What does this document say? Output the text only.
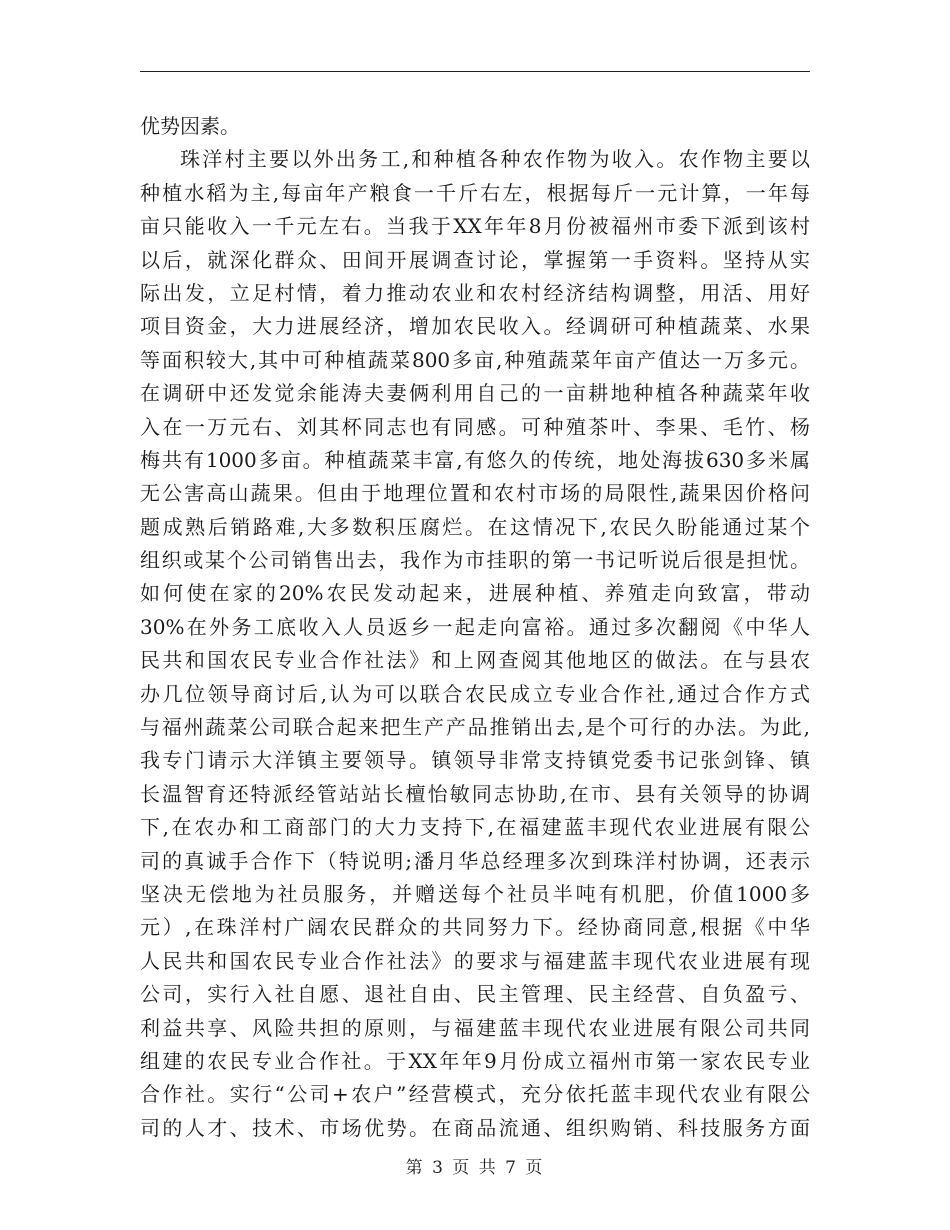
优势因素。
珠洋村主要以外出务工,和种植各种农作物为收入。农作物主要以
种植水稻为主,每亩年产粮食一千斤右左，根据每斤一元计算，一年每
亩只能收入一千元左右。当我于XX年年8月份被福州市委下派到该村
以后，就深化群众、田间开展调查讨论，掌握第一手资料。坚持从实
际出发，立足村情，着力推动农业和农村经济结构调整，用活、用好
项目资金，大力进展经济，增加农民收入。经调研可种植蔬菜、水果
等面积较大,其中可种植蔬菜800多亩,种殖蔬菜年亩产值达一万多元。
在调研中还发觉余能涛夫妻俩利用自己的一亩耕地种植各种蔬菜年收
入在一万元右、刘其杯同志也有同感。可种殖茶叶、李果、毛竹、杨
梅共有1000多亩。种植蔬菜丰富,有悠久的传统，地处海拔630多米属
无公害高山蔬果。但由于地理位置和农村市场的局限性,蔬果因价格问
题成熟后销路难,大多数积压腐烂。在这情况下,农民久盼能通过某个
组织或某个公司销售出去，我作为市挂职的第一书记听说后很是担忧。
如何使在家的20%农民发动起来，进展种植、养殖走向致富，带动
30%在外务工底收入人员返乡一起走向富裕。通过多次翻阅《中华人
民共和国农民专业合作社法》和上网查阅其他地区的做法。在与县农
办几位领导商讨后,认为可以联合农民成立专业合作社,通过合作方式
与福州蔬菜公司联合起来把生产产品推销出去,是个可行的办法。为此,
我专门请示大洋镇主要领导。镇领导非常支持镇党委书记张剑锋、镇
长温智育还特派经管站站长檀怡敏同志协助,在市、县有关领导的协调
下,在农办和工商部门的大力支持下,在福建蓝丰现代农业进展有限公
司的真诚手合作下（特说明;潘月华总经理多次到珠洋村协调，还表示
坚决无偿地为社员服务，并赠送每个社员半吨有机肥，价值1000多
元）,在珠洋村广阔农民群众的共同努力下。经协商同意,根据《中华
人民共和国农民专业合作社法》的要求与福建蓝丰现代农业进展有现
公司，实行入社自愿、退社自由、民主管理、民主经营、自负盈亏、
利益共享、风险共担的原则，与福建蓝丰现代农业进展有限公司共同
组建的农民专业合作社。于XX年年9月份成立福州市第一家农民专业
合作社。实行“公司+农户”经营模式，充分依托蓝丰现代农业有限公
司的人才、技术、市场优势。在商品流通、组织购销、科技服务方面
第 3 页 共 7 页
